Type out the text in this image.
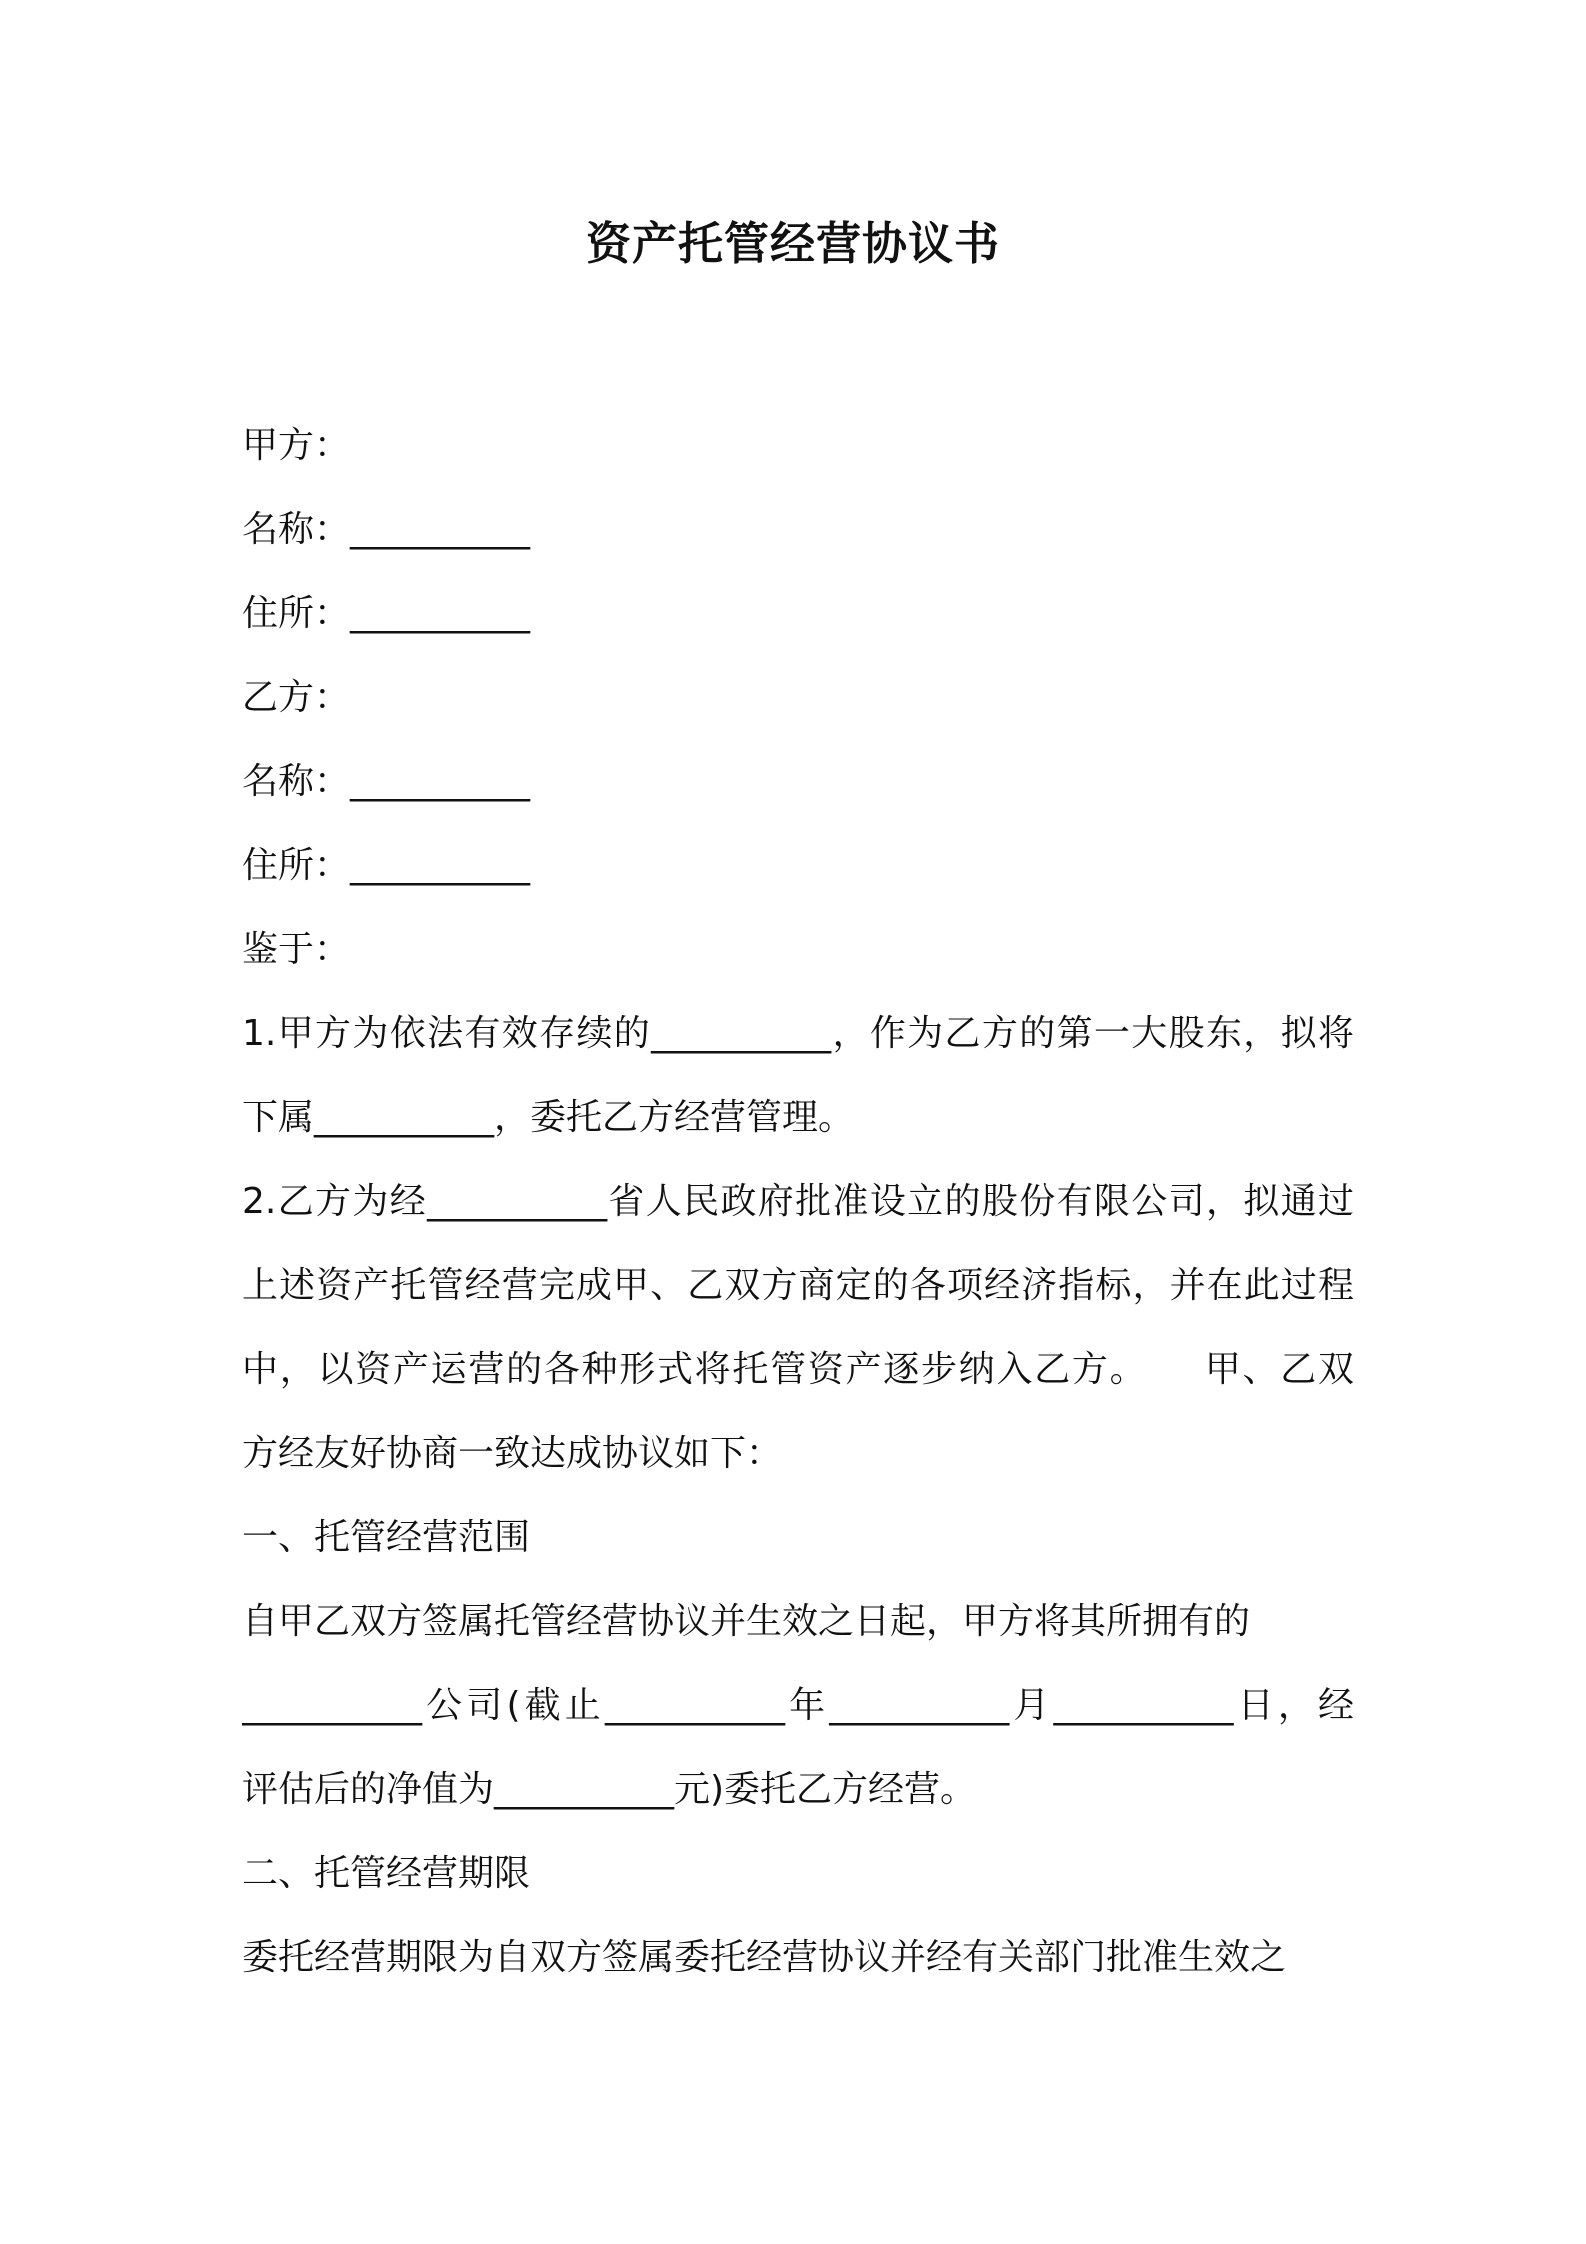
资产托管经营协议书
甲方：
名称：__________
住所：__________
乙方：
名称：__________
住所：__________
鉴于：
1.甲方为依法有效存续的__________，作为乙方的第一大股东，拟将
下属__________，委托乙方经营管理。
2.乙方为经__________省人民政府批准设立的股份有限公司，拟通过
上述资产托管经营完成甲、乙双方商定的各项经济指标，并在此过程
中，以资产运营的各种形式将托管资产逐步纳入乙方。　　甲、乙双
方经友好协商一致达成协议如下：
一、托管经营范围
自甲乙双方签属托管经营协议并生效之日起，甲方将其所拥有的
__________公司(截止__________年__________月__________日，经
评估后的净值为__________元)委托乙方经营。
二、托管经营期限
委托经营期限为自双方签属委托经营协议并经有关部门批准生效之
